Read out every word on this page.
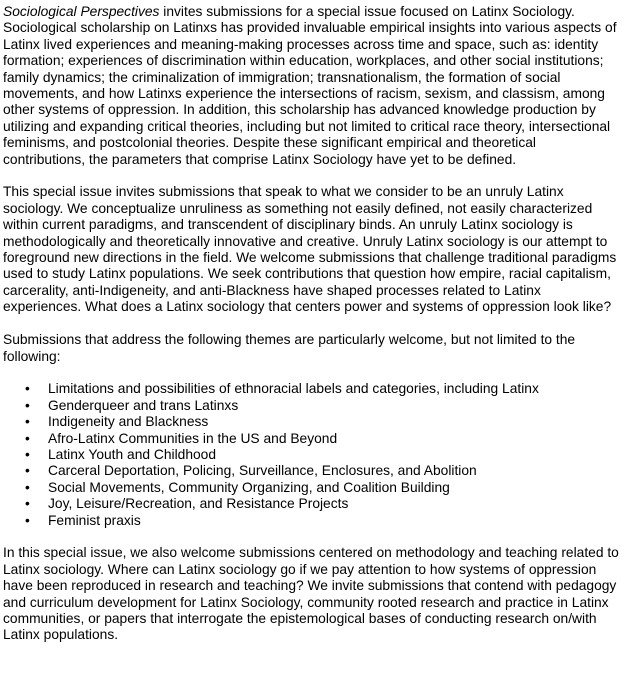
Sociological Perspectives invites submissions for a special issue focused on Latinx Sociology. Sociological scholarship on Latinxs has provided invaluable empirical insights into various aspects of Latinx lived experiences and meaning-making processes across time and space, such as: identity formation; experiences of discrimination within education, workplaces, and other social institutions; family dynamics; the criminalization of immigration; transnationalism, the formation of social movements, and how Latinxs experience the intersections of racism, sexism, and classism, among other systems of oppression. In addition, this scholarship has advanced knowledge production by utilizing and expanding critical theories, including but not limited to critical race theory, intersectional feminisms, and postcolonial theories. Despite these significant empirical and theoretical contributions, the parameters that comprise Latinx Sociology have yet to be defined.

This special issue invites submissions that speak to what we consider to be an unruly Latinx sociology. We conceptualize unruliness as something not easily defined, not easily characterized within current paradigms, and transcendent of disciplinary binds. An unruly Latinx sociology is methodologically and theoretically innovative and creative. Unruly Latinx sociology is our attempt to foreground new directions in the field. We welcome submissions that challenge traditional paradigms used to study Latinx populations. We seek contributions that question how empire, racial capitalism, carcerality, anti-Indigeneity, and anti-Blackness have shaped processes related to Latinx experiences. What does a Latinx sociology that centers power and systems of oppression look like?

Submissions that address the following themes are particularly welcome, but not limited to the following:

• Limitations and possibilities of ethnoracial labels and categories, including Latinx
• Genderqueer and trans Latinxs
• Indigeneity and Blackness
• Afro-Latinx Communities in the US and Beyond
• Latinx Youth and Childhood
• Carceral Deportation, Policing, Surveillance, Enclosures, and Abolition
• Social Movements, Community Organizing, and Coalition Building
• Joy, Leisure/Recreation, and Resistance Projects
• Feminist praxis

In this special issue, we also welcome submissions centered on methodology and teaching related to Latinx sociology. Where can Latinx sociology go if we pay attention to how systems of oppression have been reproduced in research and teaching? We invite submissions that contend with pedagogy and curriculum development for Latinx Sociology, community rooted research and practice in Latinx communities, or papers that interrogate the epistemological bases of conducting research on/with Latinx populations.
